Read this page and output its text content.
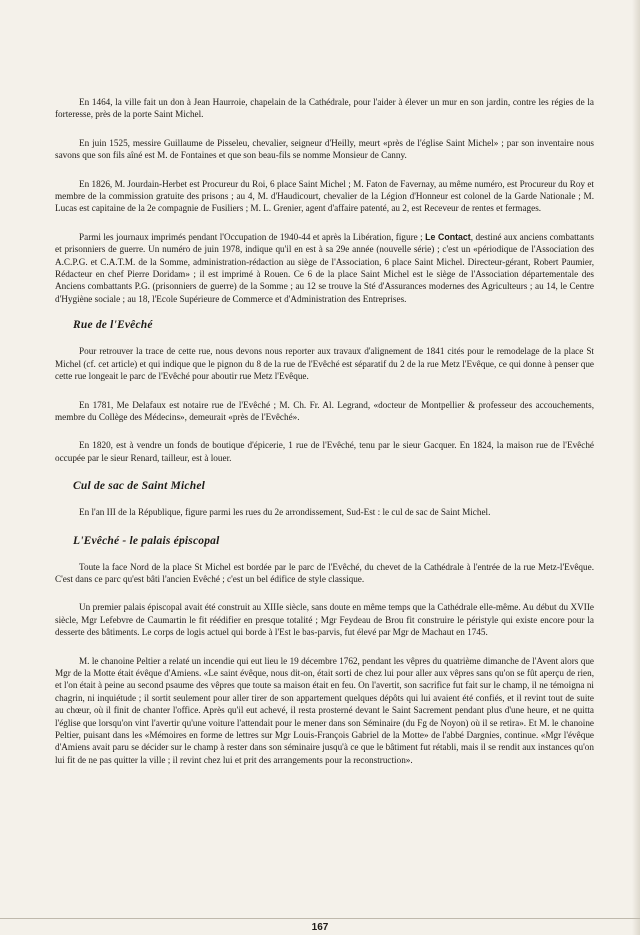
En 1464, la ville fait un don à Jean Haurroie, chapelain de la Cathédrale, pour l'aider à élever un mur en son jardin, contre les régies de la forteresse, près de la porte Saint Michel.

En juin 1525, messire Guillaume de Pisseleu, chevalier, seigneur d'Heilly, meurt «près de l'église Saint Michel» ; par son inventaire nous savons que son fils aîné est M. de Fontaines et que son beau-fils se nomme Monsieur de Canny.

En 1826, M. Jourdain-Herbet est Procureur du Roi, 6 place Saint Michel ; M. Faton de Favernay, au même numéro, est Procureur du Roy et membre de la commission gratuite des prisons ; au 4, M. d'Haudicourt, chevalier de la Légion d'Honneur est colonel de la Garde Nationale ; M. Lucas est capitaine de la 2e compagnie de Fusiliers ; M. L. Grenier, agent d'affaire patenté, au 2, est Receveur de rentes et fermages.

Parmi les journaux imprimés pendant l'Occupation de 1940-44 et après la Libération, figure ; Le Contact, destiné aux anciens combattants et prisonniers de guerre. Un numéro de juin 1978, indique qu'il en est à sa 29e année (nouvelle série) ; c'est un «périodique de l'Association des A.C.P.G. et C.A.T.M. de la Somme, administration-rédaction au siège de l'Association, 6 place Saint Michel. Directeur-gérant, Robert Paumier, Rédacteur en chef Pierre Doridam» ; il est imprimé à Rouen. Ce 6 de la place Saint Michel est le siège de l'Association départementale des Anciens combattants P.G. (prisonniers de guerre) de la Somme ; au 12 se trouve la Sté d'Assurances modernes des Agriculteurs ; au 14, le Centre d'Hygiène sociale ; au 18, l'Ecole Supérieure de Commerce et d'Administration des Entreprises.

Rue de l'Evêché

Pour retrouver la trace de cette rue, nous devons nous reporter aux travaux d'alignement de 1841 cités pour le remodelage de la place St Michel (cf. cet article) et qui indique que le pignon du 8 de la rue de l'Evêché est séparatif du 2 de la rue Metz l'Evêque, ce qui donne à penser que cette rue longeait le parc de l'Evêché pour aboutir rue Metz l'Evêque.

En 1781, Me Delafaux est notaire rue de l'Evêché ; M. Ch. Fr. Al. Legrand, «docteur de Montpellier & professeur des accouchements, membre du Collège des Médecins», demeurait «près de l'Evêché».

En 1820, est à vendre un fonds de boutique d'épicerie, 1 rue de l'Evêché, tenu par le sieur Gacquer. En 1824, la maison rue de l'Evêché occupée par le sieur Renard, tailleur, est à louer.

Cul de sac de Saint Michel

En l'an III de la République, figure parmi les rues du 2e arrondissement, Sud-Est : le cul de sac de Saint Michel.

L'Evêché - le palais épiscopal

Toute la face Nord de la place St Michel est bordée par le parc de l'Evêché, du chevet de la Cathédrale à l'entrée de la rue Metz-l'Evêque. C'est dans ce parc qu'est bâti l'ancien Evêché ; c'est un bel édifice de style classique.

Un premier palais épiscopal avait été construit au XIIIe siècle, sans doute en même temps que la Cathédrale elle-même. Au début du XVIIe siècle, Mgr Lefebvre de Caumartin le fit réédifier en presque totalité ; Mgr Feydeau de Brou fit construire le péristyle qui existe encore pour la desserte des bâtiments. Le corps de logis actuel qui borde à l'Est le bas-parvis, fut élevé par Mgr de Machaut en 1745.

M. le chanoine Peltier a relaté un incendie qui eut lieu le 19 décembre 1762, pendant les vêpres du quatrième dimanche de l'Avent alors que Mgr de la Motte était évêque d'Amiens. «Le saint évêque, nous dit-on, était sorti de chez lui pour aller aux vêpres sans qu'on se fût aperçu de rien, et l'on était à peine au second psaume des vêpres que toute sa maison était en feu. On l'avertit, son sacrifice fut fait sur le champ, il ne témoigna ni chagrin, ni inquiétude ; il sortit seulement pour aller tirer de son appartement quelques dépôts qui lui avaient été confiés, et il revint tout de suite au chœur, où il finit de chanter l'office. Après qu'il eut achevé, il resta prosterné devant le Saint Sacrement pendant plus d'une heure, et ne quitta l'église que lorsqu'on vint l'avertir qu'une voiture l'attendait pour le mener dans son Séminaire (du Fg de Noyon) où il se retira». Et M. le chanoine Peltier, puisant dans les «Mémoires en forme de lettres sur Mgr Louis-François Gabriel de la Motte» de l'abbé Dargnies, continue. «Mgr l'évêque d'Amiens avait paru se décider sur le champ à rester dans son séminaire jusqu'à ce que le bâtiment fut rétabli, mais il se rendit aux instances qu'on lui fit de ne pas quitter la ville ; il revint chez lui et prit des arrangements pour la reconstruction».

167
